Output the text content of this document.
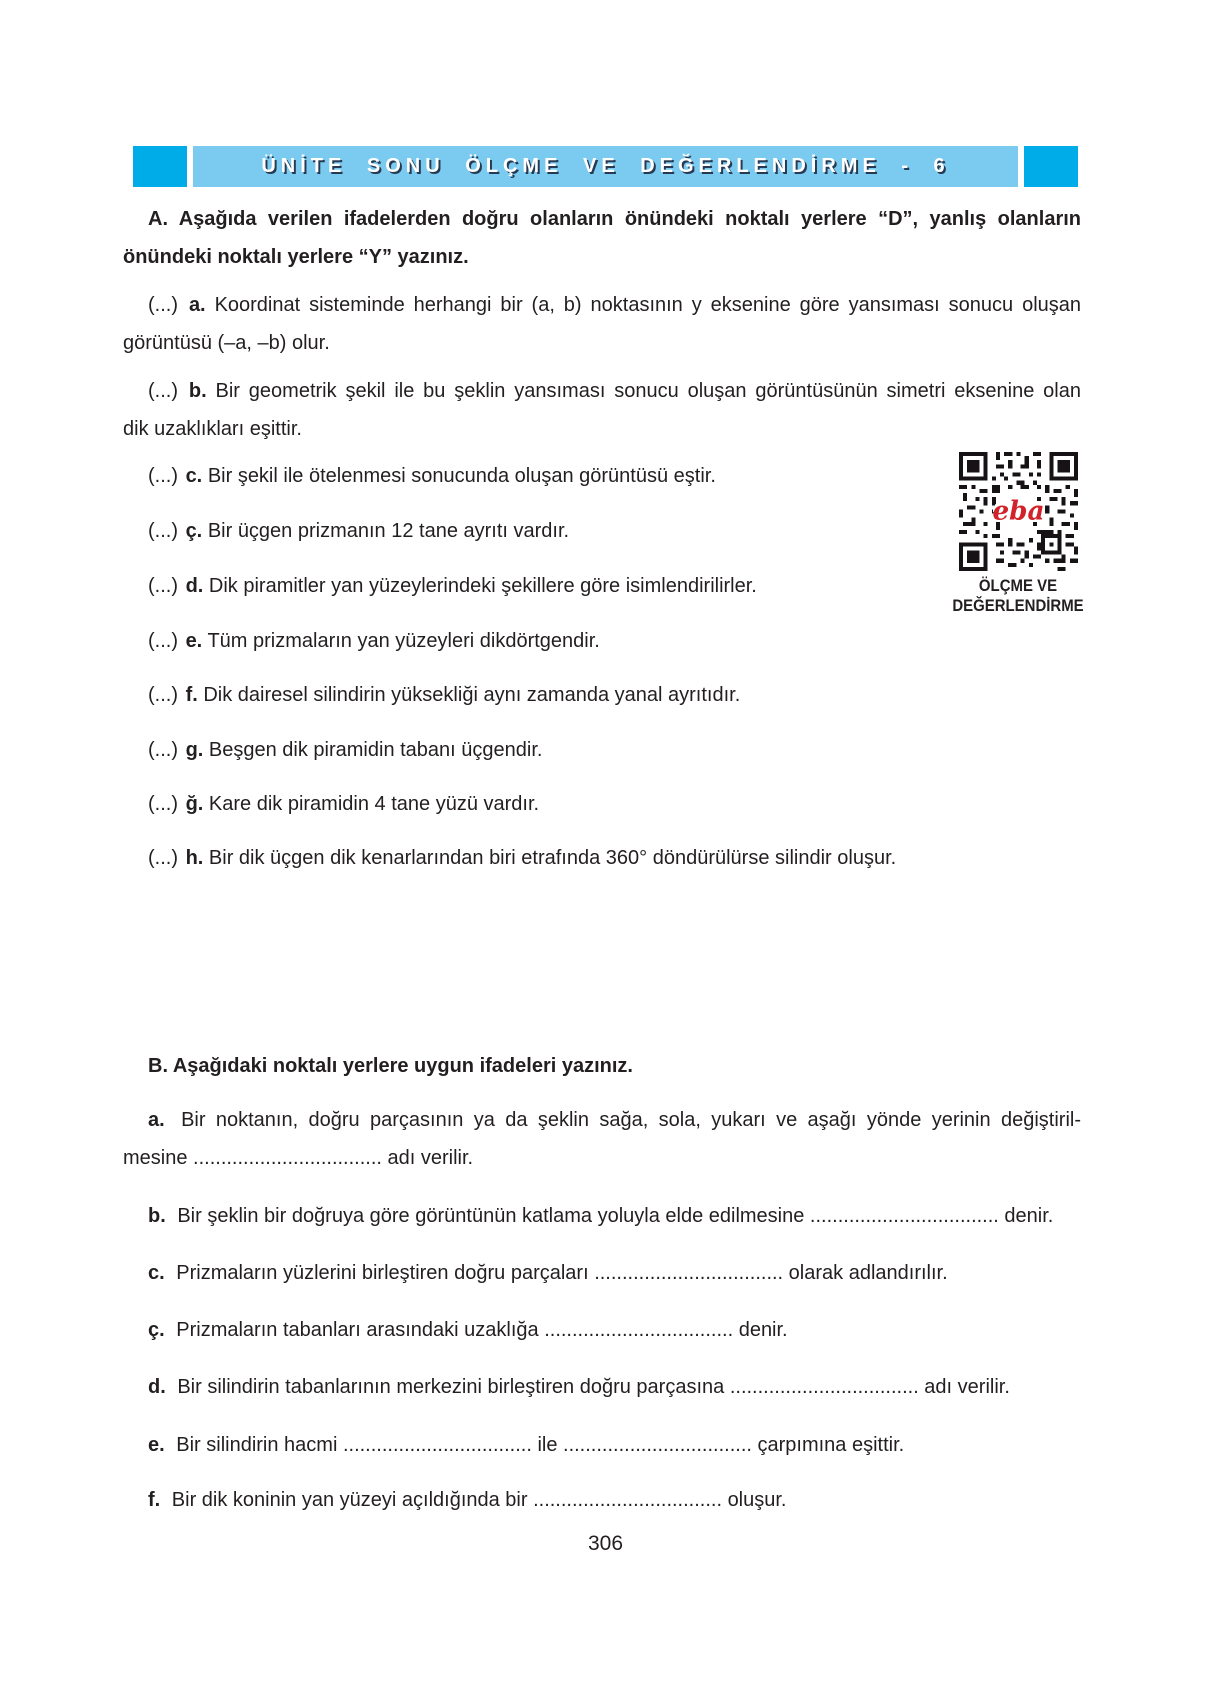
ÜNİTE SONU ÖLÇME VE DEĞERLENDİRME - 6
A. Aşağıda verilen ifadelerden doğru olanların önündeki noktalı yerlere “D”, yanlış olanların
önündeki noktalı yerlere “Y” yazınız.
(...) a. Koordinat sisteminde herhangi bir (a, b) noktasının y eksenine göre yansıması sonucu oluşan
görüntüsü (–a, –b) olur.
(...) b. Bir geometrik şekil ile bu şeklin yansıması sonucu oluşan görüntüsünün simetri eksenine olan
dik uzaklıkları eşittir.
(...) c. Bir şekil ile ötelenmesi sonucunda oluşan görüntüsü eştir.
(...) ç. Bir üçgen prizmanın 12 tane ayrıtı vardır.
(...) d. Dik piramitler yan yüzeylerindeki şekillere göre isimlendirilirler.
(...) e. Tüm prizmaların yan yüzeyleri dikdörtgendir.
(...) f. Dik dairesel silindirin yüksekliği aynı zamanda yanal ayrıtıdır.
(...) g. Beşgen dik piramidin tabanı üçgendir.
(...) ğ. Kare dik piramidin 4 tane yüzü vardır.
(...) h. Bir dik üçgen dik kenarlarından biri etrafında 360° döndürülürse silindir oluşur.
eba
ÖLÇME VE
DEĞERLENDİRME
B. Aşağıdaki noktalı yerlere uygun ifadeleri yazınız.
a. Bir noktanın, doğru parçasının ya da şeklin sağa, sola, yukarı ve aşağı yönde yerinin değiştiril-
mesine .................................. adı verilir.
b. Bir şeklin bir doğruya göre görüntünün katlama yoluyla elde edilmesine .................................. denir.
c. Prizmaların yüzlerini birleştiren doğru parçaları .................................. olarak adlandırılır.
ç. Prizmaların tabanları arasındaki uzaklığa .................................. denir.
d. Bir silindirin tabanlarının merkezini birleştiren doğru parçasına .................................. adı verilir.
e. Bir silindirin hacmi .................................. ile .................................. çarpımına eşittir.
f. Bir dik koninin yan yüzeyi açıldığında bir .................................. oluşur.
306
